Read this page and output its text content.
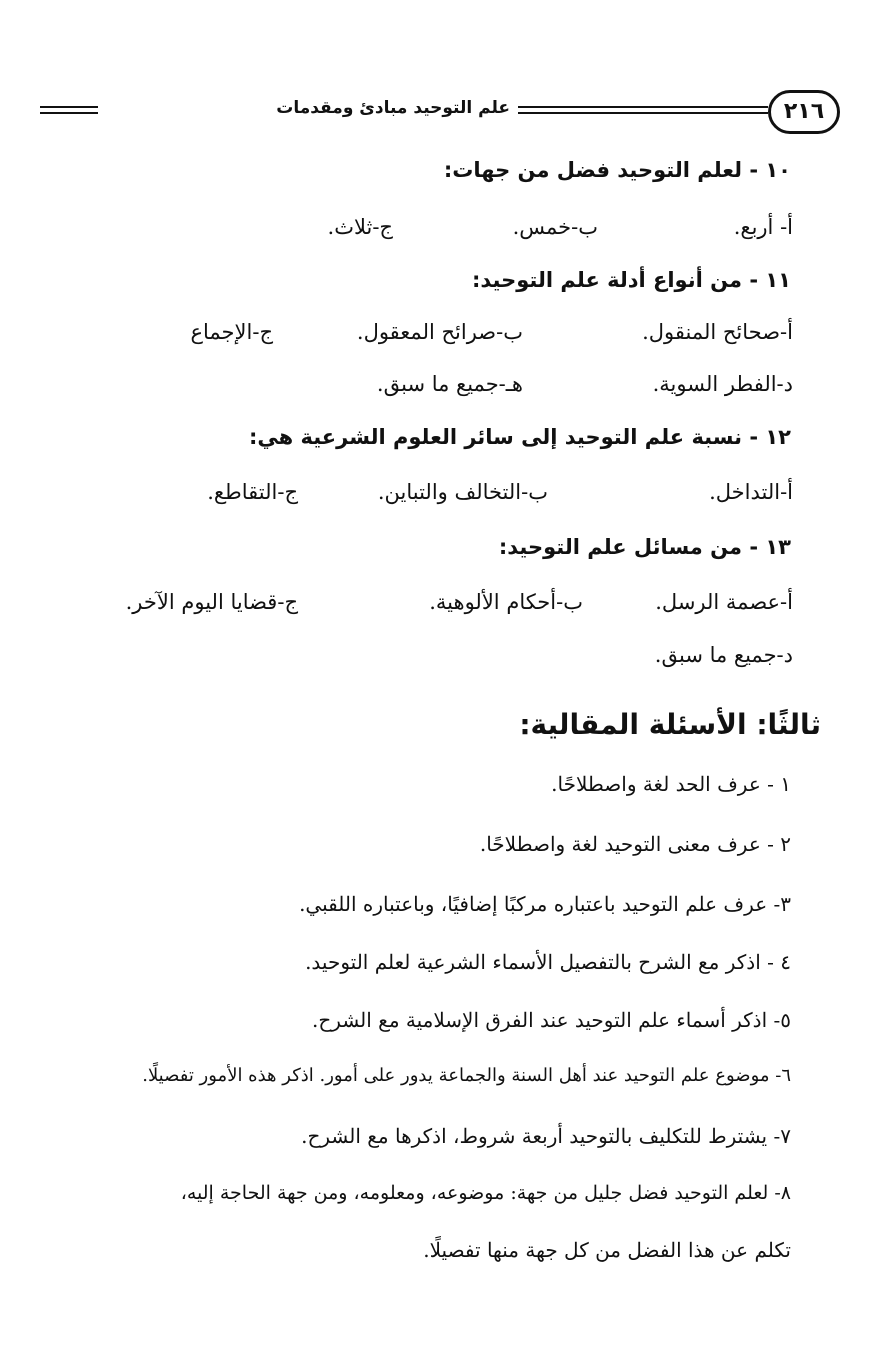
٢١٦
علم التوحيد مبادئ ومقدمات
١٠ - لعلم التوحيد فضل من جهات:
أ- أربع.
ب-خمس.
ج-ثلاث.
١١ - من أنواع أدلة علم التوحيد:
أ-صحائح المنقول.
ب-صرائح المعقول.
ج-الإجماع
د-الفطر السوية.
هـ-جميع ما سبق.
١٢ - نسبة علم التوحيد إلى سائر العلوم الشرعية هي:
أ-التداخل.
ب-التخالف والتباين.
ج-التقاطع.
١٣ - من مسائل علم التوحيد:
أ-عصمة الرسل.
ب-أحكام الألوهية.
ج-قضايا اليوم الآخر.
د-جميع ما سبق.
ثالثًا: الأسئلة المقالية:
١ - عرف الحد لغة واصطلاحًا.
٢ - عرف معنى التوحيد لغة واصطلاحًا.
٣- عرف علم التوحيد باعتباره مركبًا إضافيًا، وباعتباره اللقبي.
٤ - اذكر مع الشرح بالتفصيل الأسماء الشرعية لعلم التوحيد.
٥- اذكر أسماء علم التوحيد عند الفرق الإسلامية مع الشرح.
٦- موضوع علم التوحيد عند أهل السنة والجماعة يدور على أمور. اذكر هذه الأمور تفصيلًا.
٧- يشترط للتكليف بالتوحيد أربعة شروط، اذكرها مع الشرح.
٨- لعلم التوحيد فضل جليل من جهة: موضوعه، ومعلومه، ومن جهة الحاجة إليه،
تكلم عن هذا الفضل من كل جهة منها تفصيلًا.
